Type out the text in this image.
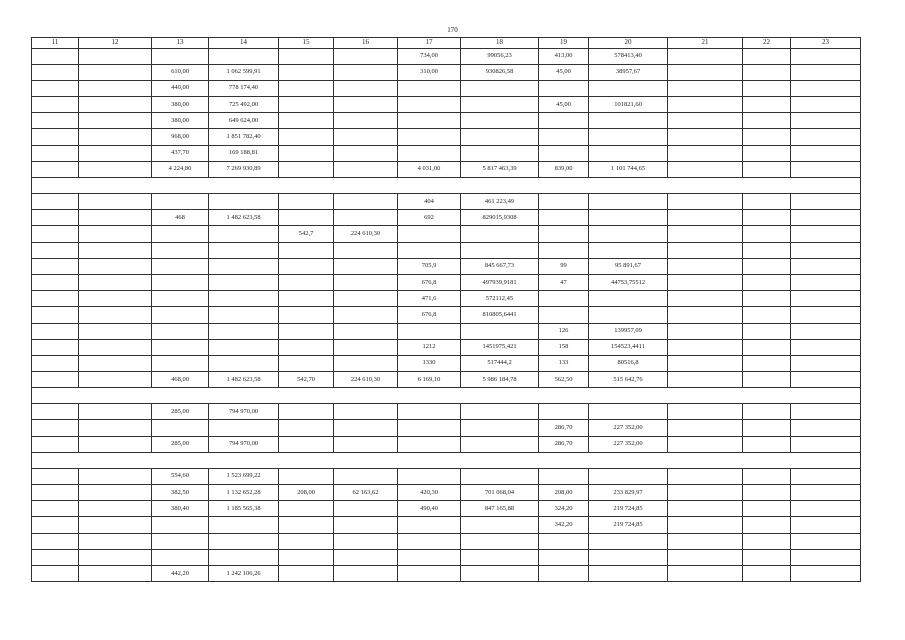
170
11	12	13	14	15	16	17	18	19	20	21	22	23
						734,00	99056,23	413,00	578413,40			
		610,00	1 062 599,91			310,00	930826,58	45,00	38957,67			
		440,00	778 174,40									
		380,00	725 492,00					45,00	101821,60			
		380,00	649 624,00									
		968,00	1 851 782,40									
		437,70	169 188,81									
		4 224,80	7 269 930,89			4 031,00	5 817 463,39	839,00	1 101 744,65			

						404	461 223,49					
		468	1 482 623,58			692	829015,9308					
				542,7	224 610,30							

						705,9	845 667,73	99	95 891,67			
						676,8	497939,9181	47	44753,75512			
						471,6	572112,45					
						676,8	810805,6441					
								126	139957,09			
						1212	1451975,421	158	154523,4411			
						1330	517444,2	133	80516,8			
		468,00	1 482 623,58	542,70	224 610,30	6 169,10	5 986 184,78	562,50	515 642,76			

		285,00	794 970,00									
								286,70	227 352,00			
		285,00	794 970,00					286,70	227 352,00			

		554,60	1 523 699,22									
		382,50	1 132 652,28	208,00	62 163,62	420,30	701 068,04	208,00	233 829,97			
		380,40	1 185 565,38			490,40	847 165,88	324,20	219 724,85			
								342,20	219 724,85			

		442,20	1 242 106,26									
